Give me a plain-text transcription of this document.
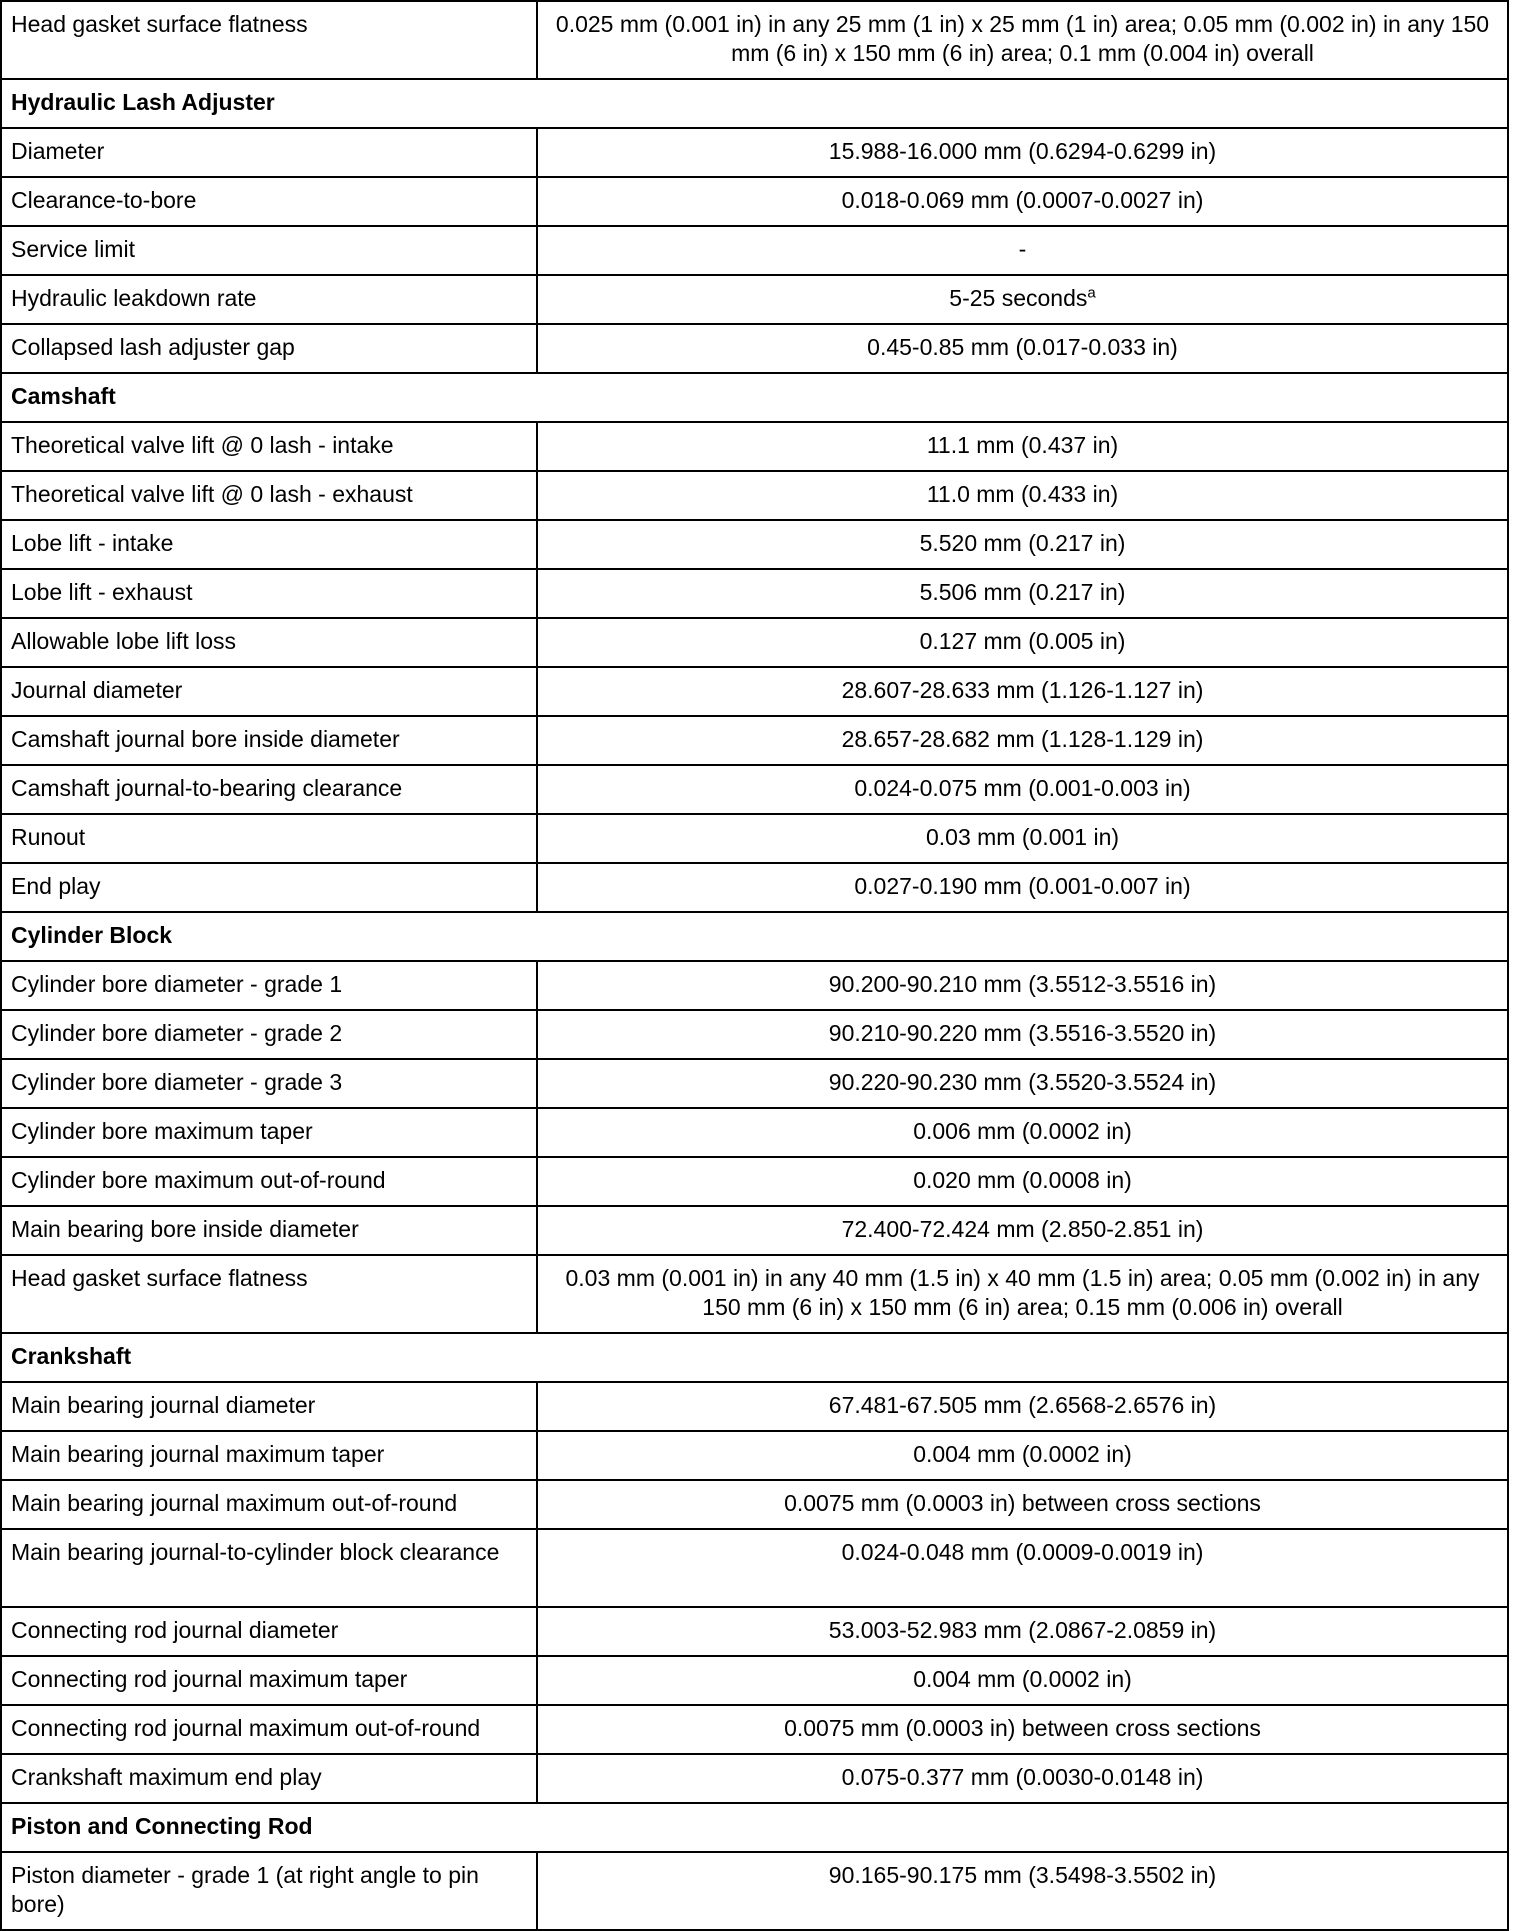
Head gasket surface flatness	0.025 mm (0.001 in) in any 25 mm (1 in) x 25 mm (1 in) area; 0.05 mm (0.002 in) in any 150 mm (6 in) x 150 mm (6 in) area; 0.1 mm (0.004 in) overall
Hydraulic Lash Adjuster	
Diameter	15.988-16.000 mm (0.6294-0.6299 in)
Clearance-to-bore	0.018-0.069 mm (0.0007-0.0027 in)
Service limit	-
Hydraulic leakdown rate	5-25 seconds$^a$
Collapsed lash adjuster gap	0.45-0.85 mm (0.017-0.033 in)
Camshaft	
Theoretical valve lift @ 0 lash - intake	11.1 mm (0.437 in)
Theoretical valve lift @ 0 lash - exhaust	11.0 mm (0.433 in)
Lobe lift - intake	5.520 mm (0.217 in)
Lobe lift - exhaust	5.506 mm (0.217 in)
Allowable lobe lift loss	0.127 mm (0.005 in)
Journal diameter	28.607-28.633 mm (1.126-1.127 in)
Camshaft journal bore inside diameter	28.657-28.682 mm (1.128-1.129 in)
Camshaft journal-to-bearing clearance	0.024-0.075 mm (0.001-0.003 in)
Runout	0.03 mm (0.001 in)
End play	0.027-0.190 mm (0.001-0.007 in)
Cylinder Block	
Cylinder bore diameter - grade 1	90.200-90.210 mm (3.5512-3.5516 in)
Cylinder bore diameter - grade 2	90.210-90.220 mm (3.5516-3.5520 in)
Cylinder bore diameter - grade 3	90.220-90.230 mm (3.5520-3.5524 in)
Cylinder bore maximum taper	0.006 mm (0.0002 in)
Cylinder bore maximum out-of-round	0.020 mm (0.0008 in)
Main bearing bore inside diameter	72.400-72.424 mm (2.850-2.851 in)
Head gasket surface flatness	0.03 mm (0.001 in) in any 40 mm (1.5 in) x 40 mm (1.5 in) area; 0.05 mm (0.002 in) in any 150 mm (6 in) x 150 mm (6 in) area; 0.15 mm (0.006 in) overall
Crankshaft	
Main bearing journal diameter	67.481-67.505 mm (2.6568-2.6576 in)
Main bearing journal maximum taper	0.004 mm (0.0002 in)
Main bearing journal maximum out-of-round	0.0075 mm (0.0003 in) between cross sections
Main bearing journal-to-cylinder block clearance	0.024-0.048 mm (0.0009-0.0019 in)
Connecting rod journal diameter	53.003-52.983 mm (2.0867-2.0859 in)
Connecting rod journal maximum taper	0.004 mm (0.0002 in)
Connecting rod journal maximum out-of-round	0.0075 mm (0.0003 in) between cross sections
Crankshaft maximum end play	0.075-0.377 mm (0.0030-0.0148 in)
Piston and Connecting Rod	
Piston diameter - grade 1 (at right angle to pin bore)	90.165-90.175 mm (3.5498-3.5502 in)
